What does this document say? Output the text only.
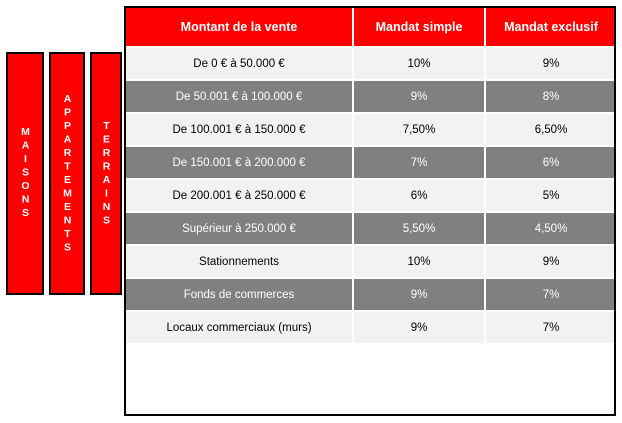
MAISONS	APPARTEMENTS	TERRAINS
Montant de la vente	Mandat simple	Mandat exclusif
De 0 € à 50.000 €	10%	9%
De 50.001 € à 100.000 €	9%	8%
De 100.001 € à 150.000 €	7,50%	6,50%
De 150.001 € à 200.000 €	7%	6%
De 200.001 € à 250.000 €	6%	5%
Supérieur à 250.000 €	5,50%	4,50%
Stationnements	10%	9%
Fonds de commerces	9%	7%
Locaux commerciaux (murs)	9%	7%
